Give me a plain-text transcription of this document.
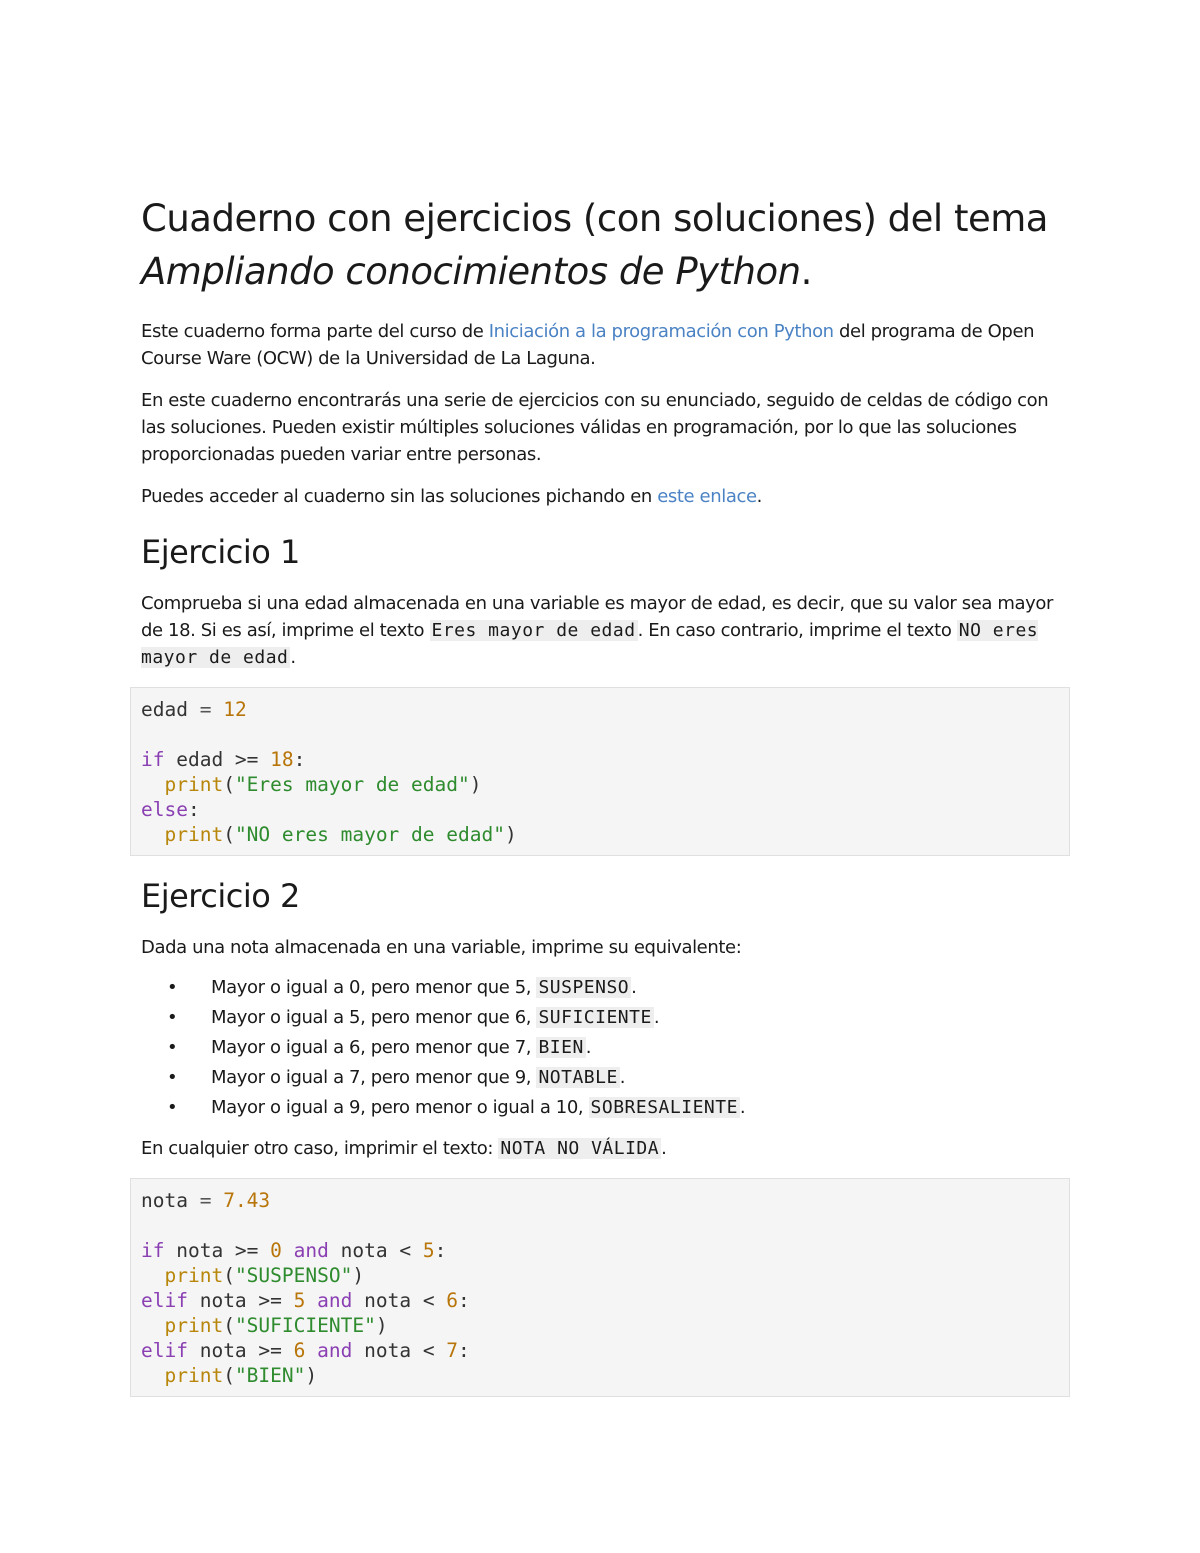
Cuaderno con ejercicios (con soluciones) del tema Ampliando conocimientos de Python.

Este cuaderno forma parte del curso de Iniciación a la programación con Python del programa de Open Course Ware (OCW) de la Universidad de La Laguna.

En este cuaderno encontrarás una serie de ejercicios con su enunciado, seguido de celdas de código con las soluciones. Pueden existir múltiples soluciones válidas en programación, por lo que las soluciones proporcionadas pueden variar entre personas.

Puedes acceder al cuaderno sin las soluciones pichando en este enlace.

Ejercicio 1

Comprueba si una edad almacenada en una variable es mayor de edad, es decir, que su valor sea mayor de 18. Si es así, imprime el texto Eres mayor de edad . En caso contrario, imprime el texto NO eres mayor de edad .

edad = 12

if edad >= 18:
print("Eres mayor de edad")
else:
print("NO eres mayor de edad")
Ejercicio 2

Dada una nota almacenada en una variable, imprime su equivalente:

• Mayor o igual a 0, pero menor que 5, SUSPENSO .
• Mayor o igual a 5, pero menor que 6, SUFICIENTE .
• Mayor o igual a 6, pero menor que 7, BIEN .
• Mayor o igual a 7, pero menor que 9, NOTABLE .
• Mayor o igual a 9, pero menor o igual a 10, SOBRESALIENTE .

En cualquier otro caso, imprimir el texto: NOTA NO VÁLIDA .

nota = 7.43

if nota >= 0 and nota < 5:
print("SUSPENSO")
elif nota >= 5 and nota < 6:
print("SUFICIENTE")
elif nota >= 6 and nota < 7:
print("BIEN")
